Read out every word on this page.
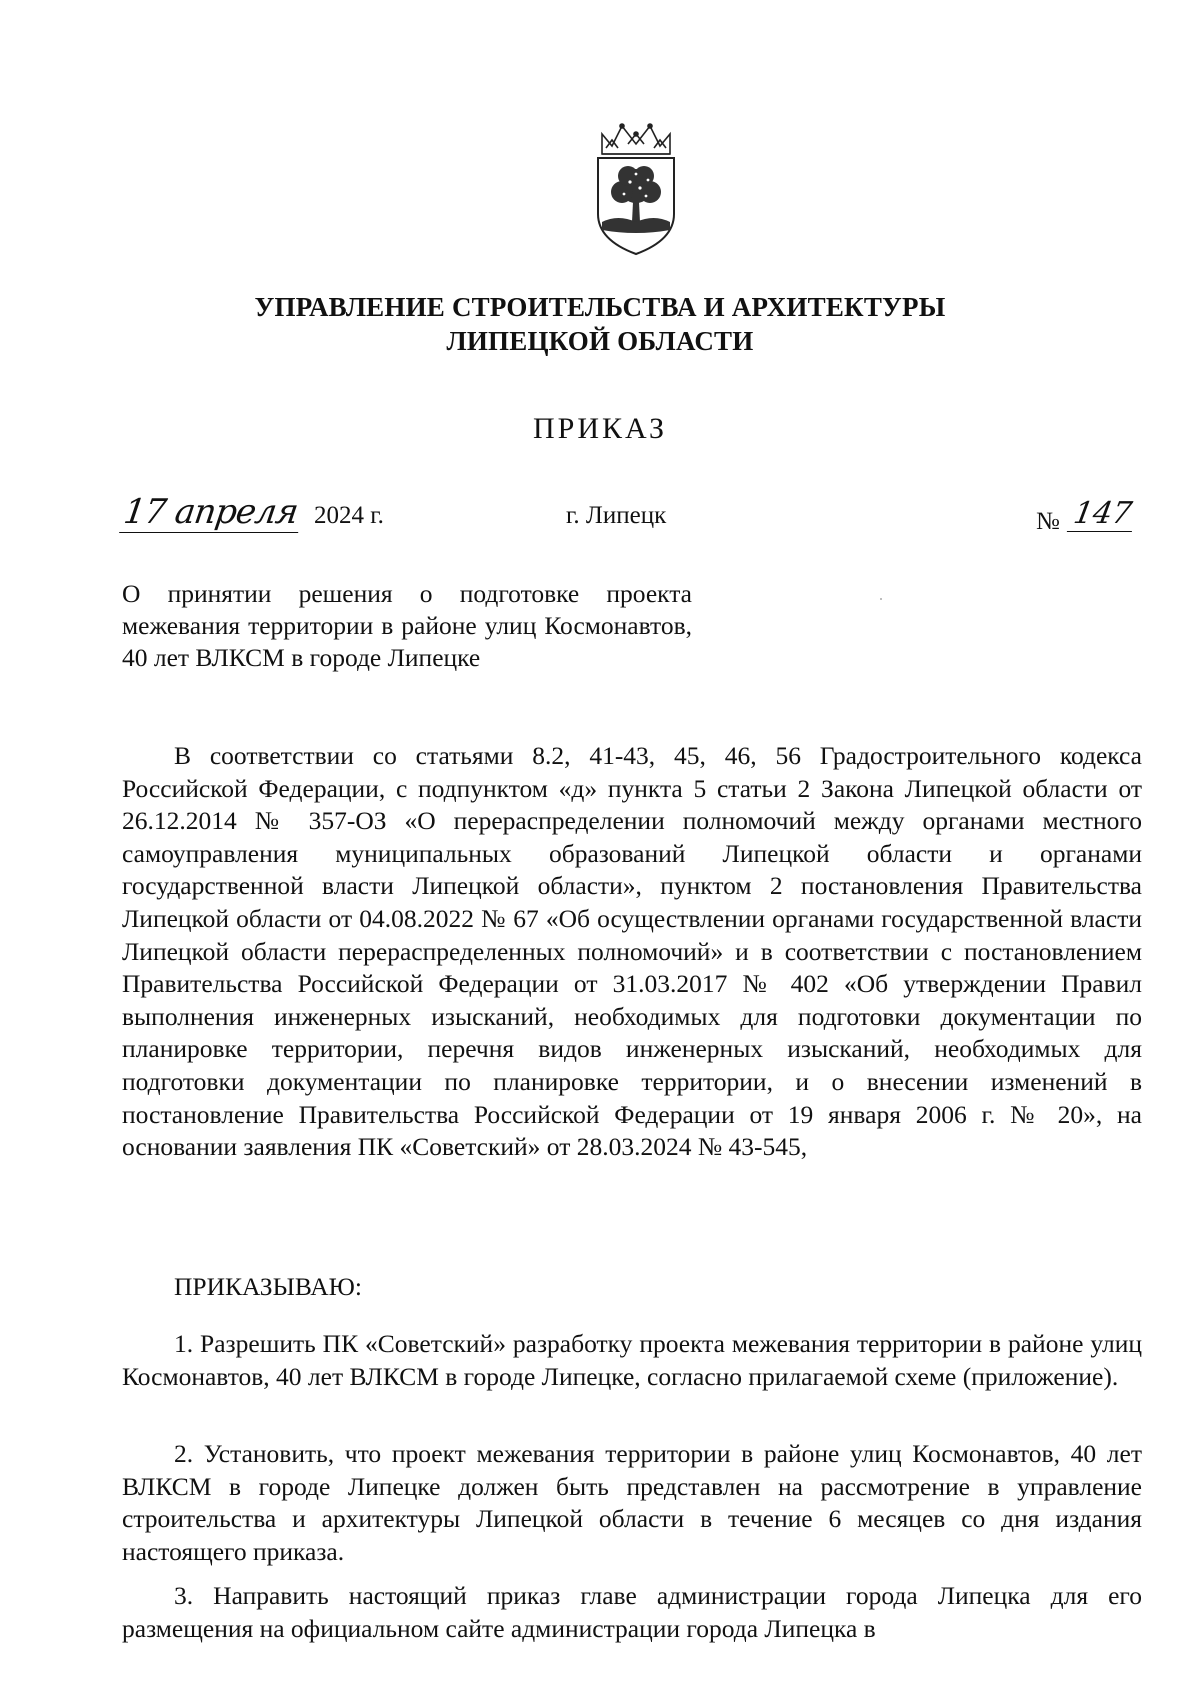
УПРАВЛЕНИЕ СТРОИТЕЛЬСТВА И АРХИТЕКТУРЫ
ЛИПЕЦКОЙ ОБЛАСТИ
ПРИКАЗ
17 апреля 2024 г.	г. Липецк	№ 147
О принятии решения о подготовке проекта межевания территории в районе улиц Космонавтов, 40 лет ВЛКСМ в городе Липецке
В соответствии со статьями 8.2, 41-43, 45, 46, 56 Градостроительного кодекса Российской Федерации, с подпунктом «д» пункта 5 статьи 2 Закона Липецкой области от 26.12.2014 № 357-ОЗ «О перераспределении полномочий между органами местного самоуправления муниципальных образований Липецкой области и органами государственной власти Липецкой области», пунктом 2 постановления Правительства Липецкой области от 04.08.2022 № 67 «Об осуществлении органами государственной власти Липецкой области перераспределенных полномочий» и в соответствии с постановлением Правительства Российской Федерации от 31.03.2017 № 402 «Об утверждении Правил выполнения инженерных изысканий, необходимых для подготовки документации по планировке территории, перечня видов инженерных изысканий, необходимых для подготовки документации по планировке территории, и о внесении изменений в постановление Правительства Российской Федерации от 19 января 2006 г. № 20», на основании заявления ПК «Советский» от 28.03.2024 № 43-545,
ПРИКАЗЫВАЮ:
1. Разрешить ПК «Советский» разработку проекта межевания территории в районе улиц Космонавтов, 40 лет ВЛКСМ в городе Липецке, согласно прилагаемой схеме (приложение).
2. Установить, что проект межевания территории в районе улиц Космонавтов, 40 лет ВЛКСМ в городе Липецке должен быть представлен на рассмотрение в управление строительства и архитектуры Липецкой области в течение 6 месяцев со дня издания настоящего приказа.
3. Направить настоящий приказ главе администрации города Липецка для его размещения на официальном сайте администрации города Липецка в
